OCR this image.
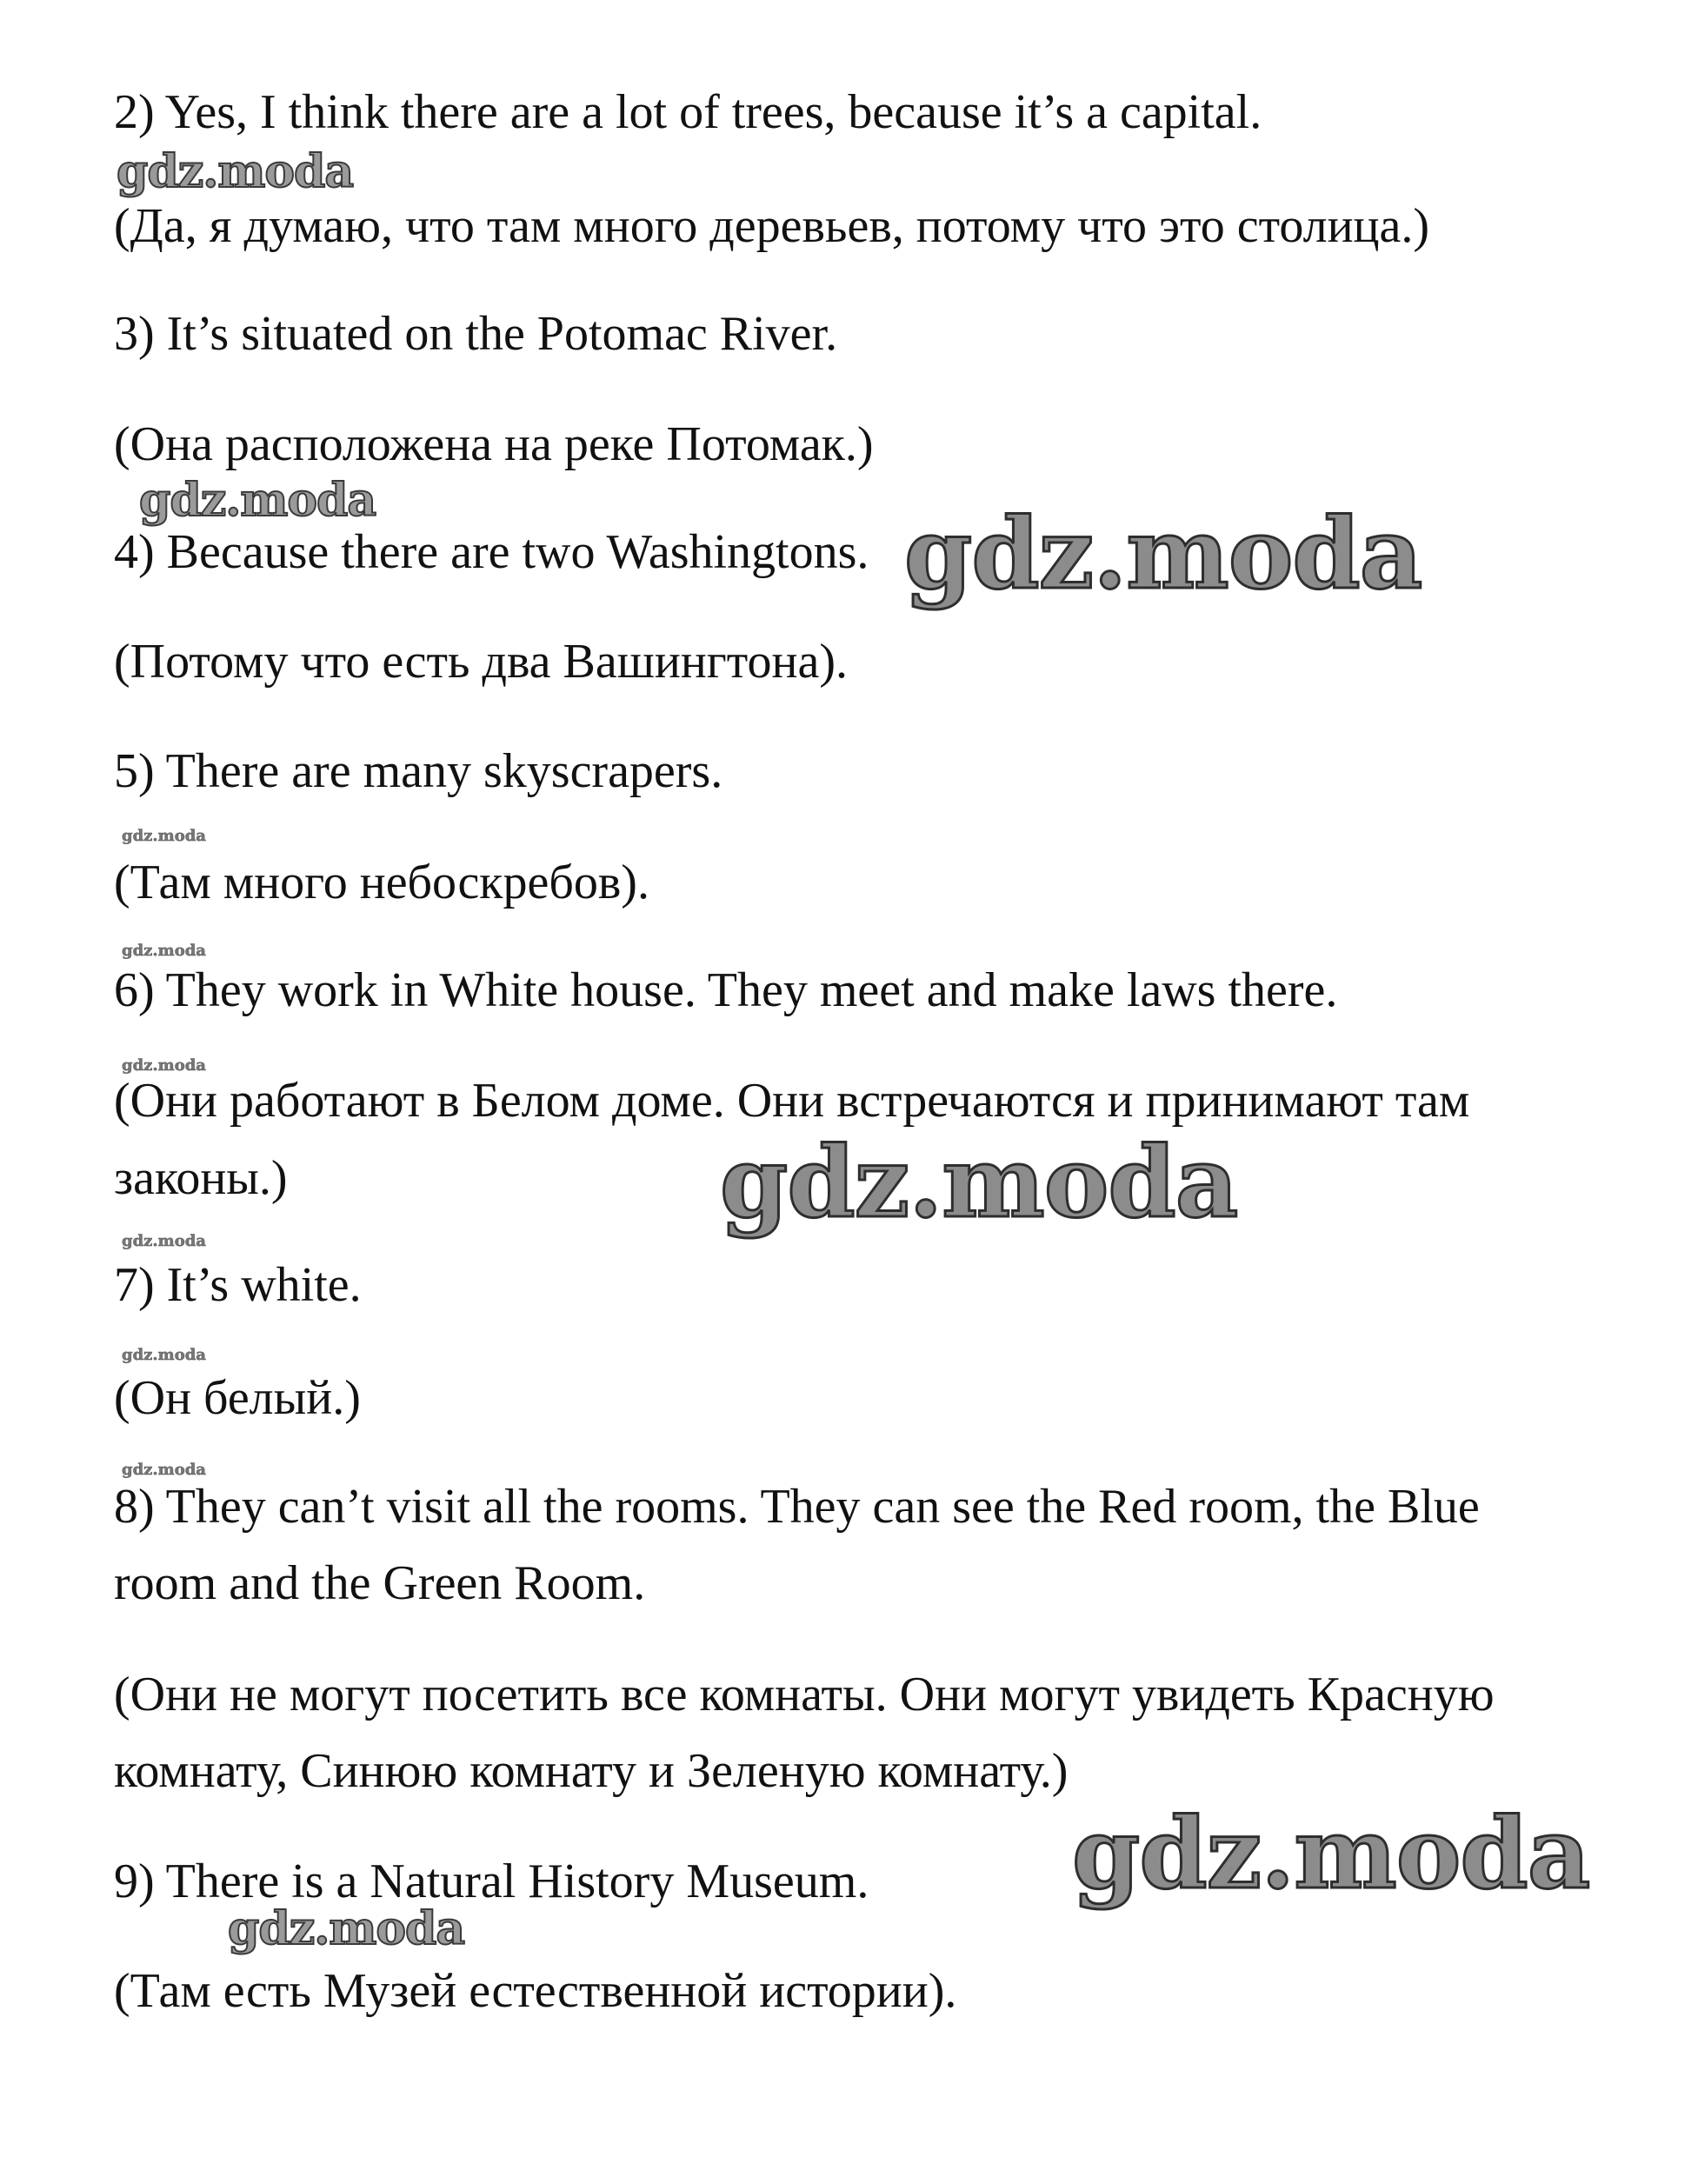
2) Yes, I think there are a lot of trees, because it’s a capital.
(Да, я думаю, что там много деревьев, потому что это столица.)
3) It’s situated on the Potomac River.
(Она расположена на реке Потомак.)
4) Because there are two Washingtons.
(Потому что есть два Вашингтона).
5) There are many skyscrapers.
(Там много небоскребов).
6) They work in White house. They meet and make laws there.
(Они работают в Белом доме. Они встречаются и принимают там
законы.)
7) It’s white.
(Он белый.)
8) They can’t visit all the rooms. They can see the Red room, the Blue
room and the Green Room.
(Они не могут посетить все комнаты. Они могут увидеть Красную
комнату, Синюю комнату и Зеленую комнату.)
9) There is a Natural History Museum.
(Там есть Музей естественной истории).
gdz.moda
gdz.moda	gdz.moda
gdz.moda
gdz.moda
gdz.moda
gdz.moda
gdz.moda
gdz.moda
gdz.moda
gdz.moda
gdz.moda
